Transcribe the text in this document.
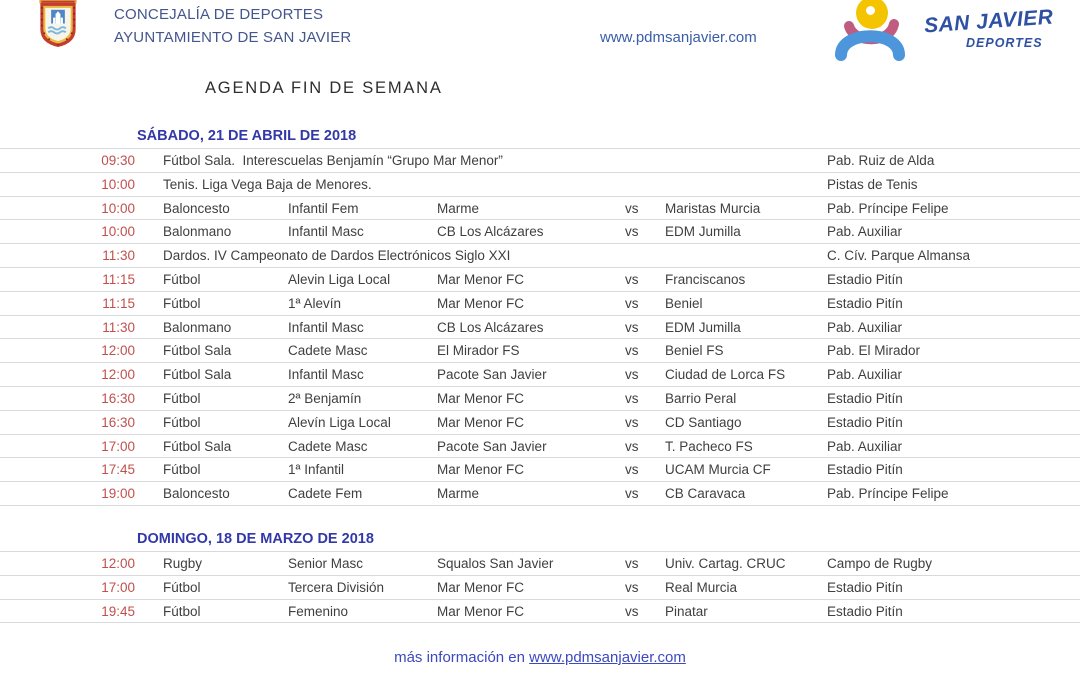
CONCEJALÍA DE DEPORTES
AYUNTAMIENTO DE SAN JAVIER	www.pdmsanjavier.com
SAN JAVIER
DEPORTES
AGENDA FIN DE SEMANA
SÁBADO, 21 DE ABRIL DE 2018
09:30 Fútbol Sala.  Interescuelas Benjamín “Grupo Mar Menor”	Pab. Ruiz de Alda
10:00 Tenis. Liga Vega Baja de Menores.	Pistas de Tenis
10:00 Baloncesto	Infantil Fem	Marme	vs Maristas Murcia	Pab. Príncipe Felipe
10:00 Balonmano	Infantil Masc	CB Los Alcázares	vs EDM Jumilla	Pab. Auxiliar
11:30 Dardos. IV Campeonato de Dardos Electrónicos Siglo XXI	C. Cív. Parque Almansa
11:15 Fútbol	Alevin Liga Local	Mar Menor FC	vs Franciscanos	Estadio Pitín
11:15 Fútbol	1ª Alevín	Mar Menor FC	vs Beniel	Estadio Pitín
11:30 Balonmano	Infantil Masc	CB Los Alcázares	vs EDM Jumilla	Pab. Auxiliar
12:00 Fútbol Sala	Cadete Masc	El Mirador FS	vs Beniel FS	Pab. El Mirador
12:00 Fútbol Sala	Infantil Masc	Pacote San Javier	vs Ciudad de Lorca FS	Pab. Auxiliar
16:30 Fútbol	2ª Benjamín	Mar Menor FC	vs Barrio Peral	Estadio Pitín
16:30 Fútbol	Alevín Liga Local	Mar Menor FC	vs CD Santiago	Estadio Pitín
17:00 Fútbol Sala	Cadete Masc	Pacote San Javier	vs T. Pacheco FS	Pab. Auxiliar
17:45 Fútbol	1ª Infantil	Mar Menor FC	vs UCAM Murcia CF	Estadio Pitín
19:00 Baloncesto	Cadete Fem	Marme	vs CB Caravaca	Pab. Príncipe Felipe
DOMINGO, 18 DE MARZO DE 2018
12:00 Rugby	Senior Masc	Squalos San Javier	vs Univ. Cartag. CRUC	Campo de Rugby
17:00 Fútbol	Tercera División	Mar Menor FC	vs Real Murcia	Estadio Pitín
19:45 Fútbol	Femenino	Mar Menor FC	vs Pinatar	Estadio Pitín
más información en www.pdmsanjavier.com
